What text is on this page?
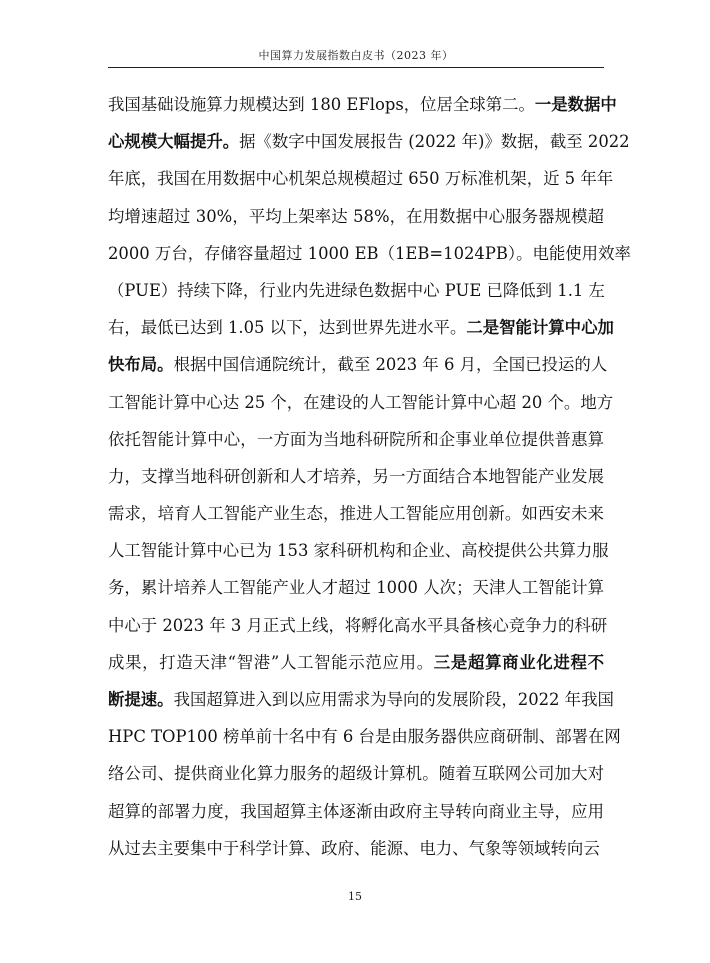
中国算力发展指数白皮书（2023 年）
我国基础设施算力规模达到 180 EFlops，位居全球第二。一是数据中
心规模大幅提升。据《数字中国发展报告 (2022 年)》数据，截至 2022
年底，我国在用数据中心机架总规模超过 650 万标准机架，近 5 年年
均增速超过 30%，平均上架率达 58%，在用数据中心服务器规模超
2000 万台，存储容量超过 1000 EB（1EB=1024PB）。电能使用效率
（PUE）持续下降，行业内先进绿色数据中心 PUE 已降低到 1.1 左
右，最低已达到 1.05 以下，达到世界先进水平。二是智能计算中心加
快布局。根据中国信通院统计，截至 2023 年 6 月，全国已投运的人
工智能计算中心达 25 个，在建设的人工智能计算中心超 20 个。地方
依托智能计算中心，一方面为当地科研院所和企事业单位提供普惠算
力，支撑当地科研创新和人才培养，另一方面结合本地智能产业发展
需求，培育人工智能产业生态，推进人工智能应用创新。如西安未来
人工智能计算中心已为 153 家科研机构和企业、高校提供公共算力服
务，累计培养人工智能产业人才超过 1000 人次；天津人工智能计算
中心于 2023 年 3 月正式上线，将孵化高水平具备核心竞争力的科研
成果，打造天津“智港”人工智能示范应用。三是超算商业化进程不
断提速。我国超算进入到以应用需求为导向的发展阶段，2022 年我国
HPC TOP100 榜单前十名中有 6 台是由服务器供应商研制、部署在网
络公司、提供商业化算力服务的超级计算机。随着互联网公司加大对
超算的部署力度，我国超算主体逐渐由政府主导转向商业主导，应用
从过去主要集中于科学计算、政府、能源、电力、气象等领域转向云
15
